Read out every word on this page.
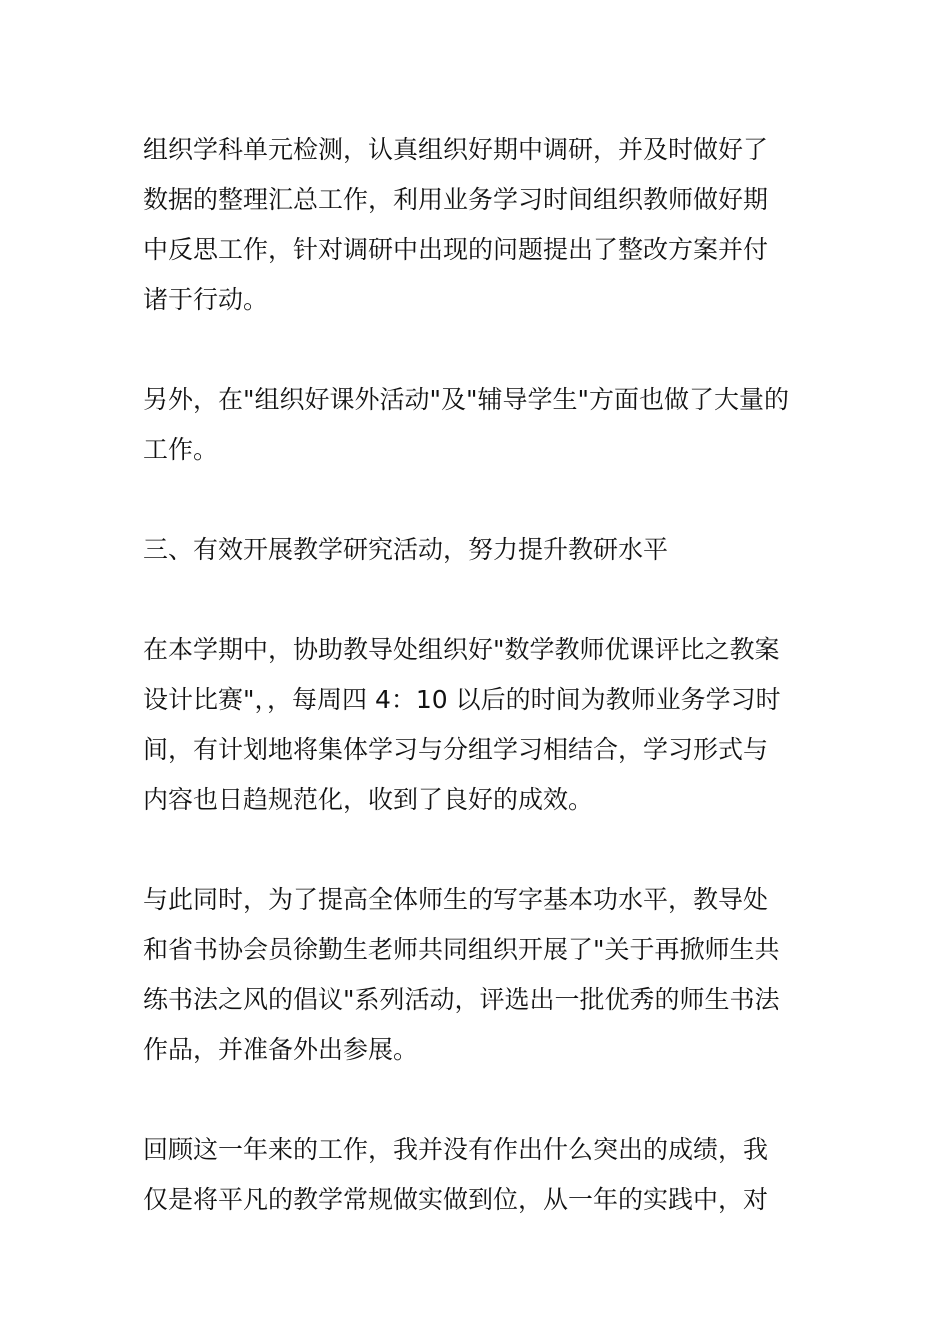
组织学科单元检测，认真组织好期中调研，并及时做好了
数据的整理汇总工作，利用业务学习时间组织教师做好期
中反思工作，针对调研中出现的问题提出了整改方案并付
诸于行动。

另外，在"组织好课外活动"及"辅导学生"方面也做了大量的
工作。

三、有效开展教学研究活动，努力提升教研水平

在本学期中，协助教导处组织好"数学教师优课评比之教案
设计比赛"，，每周四 4：10 以后的时间为教师业务学习时
间，有计划地将集体学习与分组学习相结合，学习形式与
内容也日趋规范化，收到了良好的成效。

与此同时，为了提高全体师生的写字基本功水平，教导处
和省书协会员徐勤生老师共同组织开展了"关于再掀师生共
练书法之风的倡议"系列活动，评选出一批优秀的师生书法
作品，并准备外出参展。

回顾这一年来的工作，我并没有作出什么突出的成绩，我
仅是将平凡的教学常规做实做到位，从一年的实践中，对
